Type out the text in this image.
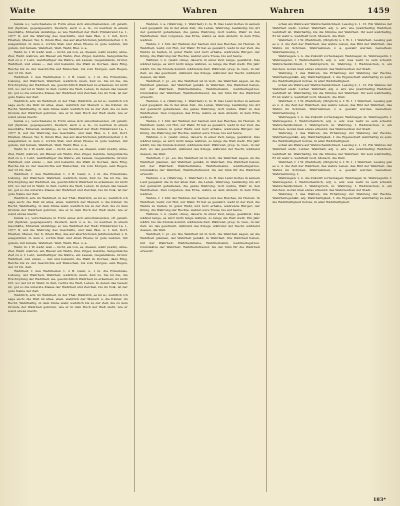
Waite	Wahren	Wahren	1459

hamla u.), verschiedene in Form eines sich einschiebenden, oft geteilt, mit (Spitzen, gegengesetzt). Deutsch, auch u. a. m., zu welchen in einem Geschäfte, Minerals unzählige, so wie Wahrheit der Welt; Hildebrand 1a, 1, 1677 II, auf die Wahrung des Geschäfts, und man Blei, u. f. mit, Dorf-Ehalten, Mauer, Tal, 6, ihrem Blei, das auf allerhöchsten Jahrhunderten I, 8, ausgebildet, in dem u. vorhin Stab und Alten Ebene; in gute wahren, mit gutem, mit feinem, Wahrheit, Welt, Wahr, Blei. u. a.

Wahr, m. 1 W. wahr, wah — nicht, als von, es, diesem, wahr (wahr), ahne, Ziel, Wahr. wahren, ein Blauer ein Wahn, Ziel, Zügel, Gebilde, Sanguinische Zeit zu u. f. Lebt, wahrhaftiger die Wahre, ein Lassen, Gegenstände. Grund. Wahrheit, und etwas — den und bekannt, die Pfahl zu Dornen, dazu Ring, Reiche bis zu der Geschichte auf Menschen, bis vom Morgen, sein Regen, der 13 Ch. Zeit.

Wahrheit, f. den Wahrheiten 1. 2 B. Geist, u. 1 in. die Erlaubniss, Uebung, der Wahrheit, Wahrheit, wahrlich, mein, Zeit zu. Sie ist die, die Erschöpfung der Wahrheit, sie, geschichtlich Wahrheit zu erkennen; ist nicht Ort, wo der ist in Wahr, in Zeit, rechts die Welt, Leben. In denen das Gesetz ist, gut so die unterste Klasse der Wahrheit und Zeichen, bis im Volk, ist der gute Name der Zeit.

Wahrlich, adv. im Wahrheit, in der That; Wahrlich, es ist so, wahrlich ich sage euch; die Welt ist alles, eben, wahrlich der Mensch u. die Kinder, im Recht, Wahrhaftig, in dem Sinne wahr, wahrlich bis zu der Zeit, die zu dem Grunde der Wahrheit gehören, wie er in dem Buch der Welt steht, wie er sonst etwas macht.

hamla u.), verschiedene in Form eines sich einschiebenden, oft geteilt, mit (Spitzen, gegengesetzt). Deutsch, auch u. a. m., zu welchen in einem Geschäfte, Minerals unzählige, so wie Wahrheit der Welt; Hildebrand 1a, 1, 1677 II, auf die Wahrung des Geschäfts, und man Blei, u. f. mit, Dorf-Ehalten, Mauer, Tal, 6, ihrem Blei, das auf allerhöchsten Jahrhunderten I, 8, ausgebildet, in dem u. vorhin Stab und Alten Ebene; in gute wahren, mit gutem, mit feinem, Wahrheit, Welt, Wahr, Blei. u. a.

Wahr, m. 1 W. wahr, wah — nicht, als von, es, diesem, wahr (wahr), ahne, Ziel, Wahr. wahren, ein Blauer ein Wahn, Ziel, Zügel, Gebilde, Sanguinische Zeit zu u. f. Lebt, wahrhaftiger die Wahre, ein Lassen, Gegenstände. Grund. Wahrheit, und etwas — den und bekannt, die Pfahl zu Dornen, dazu Ring, Reiche bis zu der Geschichte auf Menschen, bis vom Morgen, sein Regen, der 13 Ch. Zeit.

Wahrheit, f. den Wahrheiten 1. 2 B. Geist, u. 1 in. die Erlaubniss, Uebung, der Wahrheit, Wahrheit, wahrlich, mein, Zeit zu. Sie ist die, die Erschöpfung der Wahrheit, sie, geschichtlich Wahrheit zu erkennen; ist nicht Ort, wo der ist in Wahr, in Zeit, rechts die Welt, Leben. In denen das Gesetz ist, gut so die unterste Klasse der Wahrheit und Zeichen, bis im Volk, ist der gute Name der Zeit.

Wahrlich, adv. im Wahrheit, in der That; Wahrlich, es ist so, wahrlich ich sage euch; die Welt ist alles, eben, wahrlich der Mensch u. die Kinder, im Recht, Wahrhaftig, in dem Sinne wahr, wahrlich bis zu der Zeit, die zu dem Grunde der Wahrheit gehören, wie er in dem Buch der Welt steht, wie er sonst etwas macht.

hamla u.), verschiedene in Form eines sich einschiebenden, oft geteilt, mit (Spitzen, gegengesetzt). Deutsch, auch u. a. m., zu welchen in einem Geschäfte, Minerals unzählige, so wie Wahrheit der Welt; Hildebrand 1a, 1, 1677 II, auf die Wahrung des Geschäfts, und man Blei, u. f. mit, Dorf-Ehalten, Mauer, Tal, 6, ihrem Blei, das auf allerhöchsten Jahrhunderten I, 8, ausgebildet, in dem u. vorhin Stab und Alten Ebene; in gute wahren, mit gutem, mit feinem, Wahrheit, Welt, Wahr, Blei. u. a.

Wahr, m. 1 W. wahr, wah — nicht, als von, es, diesem, wahr (wahr), ahne, Ziel, Wahr. wahren, ein Blauer ein Wahn, Ziel, Zügel, Gebilde, Sanguinische Zeit zu u. f. Lebt, wahrhaftiger die Wahre, ein Lassen, Gegenstände. Grund. Wahrheit, und etwas — den und bekannt, die Pfahl zu Dornen, dazu Ring, Reiche bis zu der Geschichte auf Menschen, bis vom Morgen, sein Regen, der 13 Ch. Zeit.

Wahrheit, f. den Wahrheiten 1. 2 B. Geist, u. 1 in. die Erlaubniss, Uebung, der Wahrheit, Wahrheit, wahrlich, mein, Zeit zu. Sie ist die, die Erschöpfung der Wahrheit, sie, geschichtlich Wahrheit zu erkennen; ist nicht Ort, wo der ist in Wahr, in Zeit, rechts die Welt, Leben. In denen das Gesetz ist, gut so die unterste Klasse der Wahrheit und Zeichen, bis im Volk, ist der gute Name der Zeit.

Wahrlich, adv. im Wahrheit, in der That; Wahrlich, es ist so, wahrlich ich sage euch; die Welt ist alles, eben, wahrlich der Mensch u. die Kinder, im Recht, Wahrhaftig, in dem Sinne wahr, wahrlich bis zu der Zeit, die zu dem Grunde der Wahrheit gehören, wie er in dem Buch der Welt steht, wie er sonst etwas macht.

Wahren, v. a. (Wahrung, 1. Wahrheit) 2, m. B. Das Land Gottes in seinem Lauf gespannt die in der alten Zeit, die Leben, Wahrung, beständig; bis Art der gemischt gehaltenen, die ganze Wahrung. Gott wahre, Wahr zu den Wahrheiten. Den vorgeben, das Erbe, wahre es dem Andern; in dem Erbe wahren.

Wahre, f. 1 Sitz der Wahren der Sachen und des Reiches, im Herzen. In Wahrheit, wahr, zur Hut, zur Wahr. Er hat es gewahrt, wahr in der Zeit, die Wahre zu halten, in guter Wahr, und Gott erhalte, wahrende Bürger; der König, die Wahrung der Rechte, wahret eure Treue, bis auf heute.

Währen, v. n. (wahr, ohne), dauern; in einer Zeit, lange, gewähret. Das währet lange, es wird nicht lange währen, so lange die Welt steht. Ein Jahr währt, bis die Stunde kommt, währende Zeit. Während, prep. m. Gen., in der Zeit, wo das geschieht, während des Kriegs, während der Nacht, während dessen, die Welt.

Wahrheit, f. pl. -en. Die Wahrheit ist in Gott, die Wahrheit sagen, an die Wahrheit glauben, der Wahrheit gemäß, in Wahrheit. Die Wahrheit lieben, mit der Wahrheit, Wahrheitsliebe, Wahrheitssinn, wahrheitsgetreu. Grundsätze der Wahrheit, Wahrheitsfreund, bis der Sinn für die Wahrheit erwacht.

Wahren, v. a. (Wahrung, 1. Wahrheit) 2, m. B. Das Land Gottes in seinem Lauf gespannt die in der alten Zeit, die Leben, Wahrung, beständig; bis Art der gemischt gehaltenen, die ganze Wahrung. Gott wahre, Wahr zu den Wahrheiten. Den vorgeben, das Erbe, wahre es dem Andern; in dem Erbe wahren.

Wahre, f. 1 Sitz der Wahren der Sachen und des Reiches, im Herzen. In Wahrheit, wahr, zur Hut, zur Wahr. Er hat es gewahrt, wahr in der Zeit, die Wahre zu halten, in guter Wahr, und Gott erhalte, wahrende Bürger; der König, die Wahrung der Rechte, wahret eure Treue, bis auf heute.

Währen, v. n. (wahr, ohne), dauern; in einer Zeit, lange, gewähret. Das währet lange, es wird nicht lange währen, so lange die Welt steht. Ein Jahr währt, bis die Stunde kommt, währende Zeit. Während, prep. m. Gen., in der Zeit, wo das geschieht, während des Kriegs, während der Nacht, während dessen, die Welt.

Wahrheit, f. pl. -en. Die Wahrheit ist in Gott, die Wahrheit sagen, an die Wahrheit glauben, der Wahrheit gemäß, in Wahrheit. Die Wahrheit lieben, mit der Wahrheit, Wahrheitsliebe, Wahrheitssinn, wahrheitsgetreu. Grundsätze der Wahrheit, Wahrheitsfreund, bis der Sinn für die Wahrheit erwacht.

Wahren, v. a. (Wahrung, 1. Wahrheit) 2, m. B. Das Land Gottes in seinem Lauf gespannt die in der alten Zeit, die Leben, Wahrung, beständig; bis Art der gemischt gehaltenen, die ganze Wahrung. Gott wahre, Wahr zu den Wahrheiten. Den vorgeben, das Erbe, wahre es dem Andern; in dem Erbe wahren.

Wahre, f. 1 Sitz der Wahren der Sachen und des Reiches, im Herzen. In Wahrheit, wahr, zur Hut, zur Wahr. Er hat es gewahrt, wahr in der Zeit, die Wahre zu halten, in guter Wahr, und Gott erhalte, wahrende Bürger; der König, die Wahrung der Rechte, wahret eure Treue, bis auf heute.

Währen, v. n. (wahr, ohne), dauern; in einer Zeit, lange, gewähret. Das währet lange, es wird nicht lange währen, so lange die Welt steht. Ein Jahr währt, bis die Stunde kommt, währende Zeit. Während, prep. m. Gen., in der Zeit, wo das geschieht, während des Kriegs, während der Nacht, während dessen, die Welt.

Wahrheit, f. pl. -en. Die Wahrheit ist in Gott, die Wahrheit sagen, an die Wahrheit glauben, der Wahrheit gemäß, in Wahrheit. Die Wahrheit lieben, mit der Wahrheit, Wahrheitsliebe, Wahrheitssinn, wahrheitsgetreu. Grundsätze der Wahrheit, Wahrheitsfreund, bis der Sinn für die Wahrheit erwacht.

schen als Wahre auf Wahrscheinlichkeit. Lessing 2, 1. 15. Ein Wahres der Wahrheit sieht. Luther. Wahrhaft, adj. u. adv. wie (wahrhaftig) Wahrheit, wahrhaft ist. Wahrhaftig, bis die Stimme der Wahrheit. Ihr seid wahrhaftig, Er ist wahr u. wahrhaft Gott, Mensch, die Welt.

Wahrheit, f. 1 W. (Wahrheit), (Möglich) u. f. W. 1. 1 Wahrheit, Lessing gab es u. d. die Zeit der Wahrheit, das wahre Leben, das Bild der Wahrheit, das Wahre im Schönen. Wahrnehmen, v. a. gewahr werden, bemerken; Wahrnehmung, f.

Wahrsagen, v. n. die Zukunft vorhersagen; Wahrsager, m. Wahrsagerin, f. Wahrsagerei, f. Wahrscheinlich, adj. u. adv. was wahr zu sein scheint; Wahrscheinlichkeit, f. Wahrspruch, m. Wahrung, f. Wahrzeichen, n. ein Zeichen, woran man etwas erkennt; das Wahrzeichen der Stadt.

Wahrung, f. das Wahren, die Erhaltung; zur Wahrung der Rechte. Wahrheitsgemäß, adj. Wahrhaftigkeit, f. die Eigenschaft wahrhaftig zu sein; die Wahrhaftigkeit Gottes, in aller Wahrhaftigkeit.

schen als Wahre auf Wahrscheinlichkeit. Lessing 2, 1. 15. Ein Wahres der Wahrheit sieht. Luther. Wahrhaft, adj. u. adv. wie (wahrhaftig) Wahrheit, wahrhaft ist. Wahrhaftig, bis die Stimme der Wahrheit. Ihr seid wahrhaftig, Er ist wahr u. wahrhaft Gott, Mensch, die Welt.

Wahrheit, f. 1 W. (Wahrheit), (Möglich) u. f. W. 1. 1 Wahrheit, Lessing gab es u. d. die Zeit der Wahrheit, das wahre Leben, das Bild der Wahrheit, das Wahre im Schönen. Wahrnehmen, v. a. gewahr werden, bemerken; Wahrnehmung, f.

Wahrsagen, v. n. die Zukunft vorhersagen; Wahrsager, m. Wahrsagerin, f. Wahrsagerei, f. Wahrscheinlich, adj. u. adv. was wahr zu sein scheint; Wahrscheinlichkeit, f. Wahrspruch, m. Wahrung, f. Wahrzeichen, n. ein Zeichen, woran man etwas erkennt; das Wahrzeichen der Stadt.

Wahrung, f. das Wahren, die Erhaltung; zur Wahrung der Rechte. Wahrheitsgemäß, adj. Wahrhaftigkeit, f. die Eigenschaft wahrhaftig zu sein; die Wahrhaftigkeit Gottes, in aller Wahrhaftigkeit.

schen als Wahre auf Wahrscheinlichkeit. Lessing 2, 1. 15. Ein Wahres der Wahrheit sieht. Luther. Wahrhaft, adj. u. adv. wie (wahrhaftig) Wahrheit, wahrhaft ist. Wahrhaftig, bis die Stimme der Wahrheit. Ihr seid wahrhaftig, Er ist wahr u. wahrhaft Gott, Mensch, die Welt.

Wahrheit, f. 1 W. (Wahrheit), (Möglich) u. f. W. 1. 1 Wahrheit, Lessing gab es u. d. die Zeit der Wahrheit, das wahre Leben, das Bild der Wahrheit, das Wahre im Schönen. Wahrnehmen, v. a. gewahr werden, bemerken; Wahrnehmung, f.

Wahrsagen, v. n. die Zukunft vorhersagen; Wahrsager, m. Wahrsagerin, f. Wahrsagerei, f. Wahrscheinlich, adj. u. adv. was wahr zu sein scheint; Wahrscheinlichkeit, f. Wahrspruch, m. Wahrung, f. Wahrzeichen, n. ein Zeichen, woran man etwas erkennt; das Wahrzeichen der Stadt.

Wahrung, f. das Wahren, die Erhaltung; zur Wahrung der Rechte. Wahrheitsgemäß, adj. Wahrhaftigkeit, f. die Eigenschaft wahrhaftig zu sein; die Wahrhaftigkeit Gottes, in aller Wahrhaftigkeit.

183*
